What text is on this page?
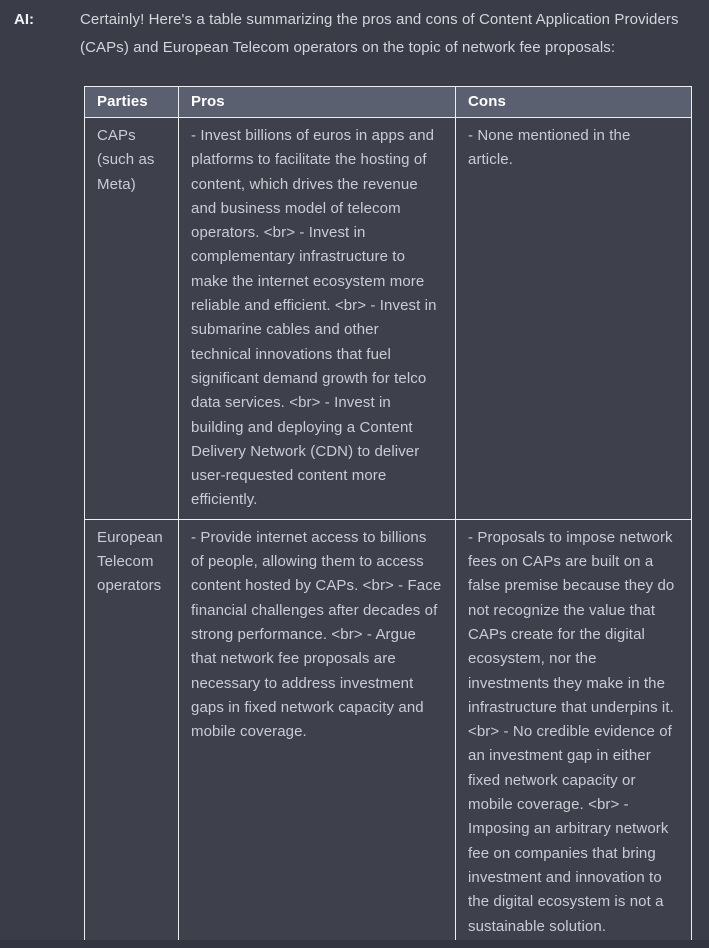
AI:	Certainly! Here's a table summarizing the pros and cons of Content Application Providers (CAPs) and European Telecom operators on the topic of network fee proposals:

Parties	Pros	Cons
CAPs (such as Meta)	- Invest billions of euros in apps and platforms to facilitate the hosting of content, which drives the revenue and business model of telecom operators. <br> - Invest in complementary infrastructure to make the internet ecosystem more reliable and efficient. <br> - Invest in submarine cables and other technical innovations that fuel significant demand growth for telco data services. <br> - Invest in building and deploying a Content Delivery Network (CDN) to deliver user-requested content more efficiently.	- None mentioned in the article.
European Telecom operators	- Provide internet access to billions of people, allowing them to access content hosted by CAPs. <br> - Face financial challenges after decades of strong performance. <br> - Argue that network fee proposals are necessary to address investment gaps in fixed network capacity and mobile coverage.	- Proposals to impose network fees on CAPs are built on a false premise because they do not recognize the value that CAPs create for the digital ecosystem, nor the investments they make in the infrastructure that underpins it. <br> - No credible evidence of an investment gap in either fixed network capacity or mobile coverage. <br> - Imposing an arbitrary network fee on companies that bring investment and innovation to the digital ecosystem is not a sustainable solution.
